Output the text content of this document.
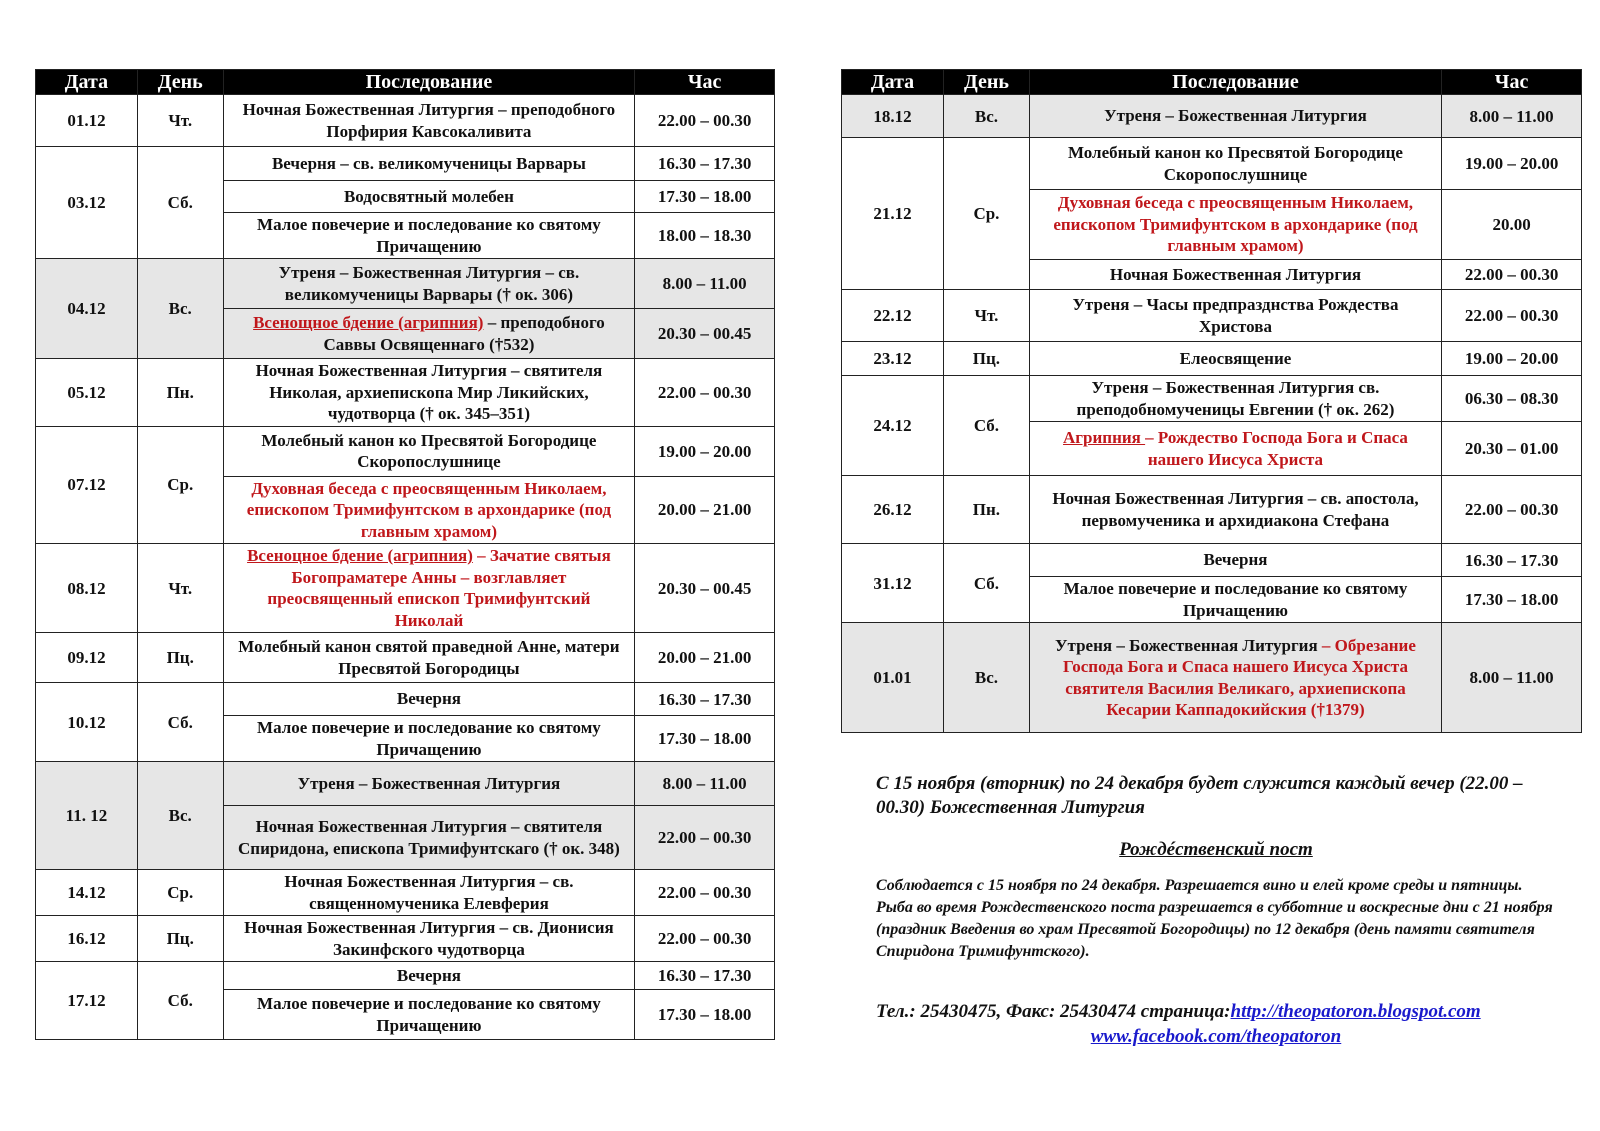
Дата	День	Последование	Час
01.12	Чт.	Ночная Божественная Литургия – преподобного Порфирия Кавсокаливита	22.00 – 00.30
03.12	Сб.	Вечерня – св. великомученицы Варвары	16.30 – 17.30
		Водосвятный молебен	17.30 – 18.00
		Малое повечерие и последование ко святому Причащению	18.00 – 18.30
04.12	Вс.	Утреня – Божественная Литургия – св. великомученицы Варвары († ок. 306)	8.00 – 11.00
		Всенощное бдение (агрипния) – преподобного Саввы Освященнаго (†532)	20.30 – 00.45
05.12	Пн.	Ночная Божественная Литургия – святителя Николая, архиепископа Мир Ликийских, чудотворца († ок. 345–351)	22.00 – 00.30
07.12	Ср.	Молебный канон ко Пресвятой Богородице Скоропослушнице	19.00 – 20.00
		Духовная беседа с преосвященным Николаем, епископом Тримифунтском в архондарике (под главным храмом)	20.00 – 21.00
08.12	Чт.	Всеноцное бдение (агрипния) – Зачатие святыя Богопраматере Анны – возглавляет преосвященный епископ Тримифунтский Николай	20.30 – 00.45
09.12	Пц.	Молебный канон святой праведной Анне, матери Пресвятой Богородицы	20.00 – 21.00
10.12	Сб.	Вечерня	16.30 – 17.30
		Малое повечерие и последование ко святому Причащению	17.30 – 18.00
11. 12	Вс.	Утреня – Божественная Литургия	8.00 – 11.00
		Ночная Божественная Литургия – святителя Спиридона, епископа Тримифунтскаго († ок. 348)	22.00 – 00.30
14.12	Ср.	Ночная Божественная Литургия – св. священномученика Елевферия	22.00 – 00.30
16.12	Пц.	Ночная Божественная Литургия – св. Дионисия Закинфского чудотворца	22.00 – 00.30
17.12	Сб.	Вечерня	16.30 – 17.30
		Малое повечерие и последование ко святому Причащению	17.30 – 18.00
Дата	День	Последование	Час
18.12	Вс.	Утреня – Божественная Литургия	8.00 – 11.00
21.12	Ср.	Молебный канон ко Пресвятой Богородице Скоропослушнице	19.00 – 20.00
		Духовная беседа с преосвященным Николаем, епископом Тримифунтском в архондарике (под главным храмом)	20.00
		Ночная Божественная Литургия	22.00 – 00.30
22.12	Чт.	Утреня – Часы предпразднства Рождества Христова	22.00 – 00.30
23.12	Пц.	Елеосвящение	19.00 – 20.00
24.12	Сб.	Утреня – Божественная Литургия св. преподобномученицы Евгении († ок. 262)	06.30 – 08.30
		Агрипния – Рождество Господа Бога и Спаса нашего Иисуса Христа	20.30 – 01.00
26.12	Пн.	Ночная Божественная Литургия – св. апостола, первомученика и архидиакона Стефана	22.00 – 00.30
31.12	Сб.	Вечерня	16.30 – 17.30
		Малое повечерие и последование ко святому Причащению	17.30 – 18.00
01.01	Вс.	Утреня – Божественная Литургия – Обрезание Господа Бога и Спаса нашего Иисуса Христа святителя Василия Великаго, архиепископа Кесарии Каппадокийския (†1379)	8.00 – 11.00
С 15 ноября (вторник) по 24 декабря будет служится каждый вечер (22.00 – 00.30) Божественная Литургия
Рождéственский пост
Соблюдается с 15 ноября по 24 декабря. Разрешается вино и елей кроме среды и пятницы. Рыба во время Рождественского поста разрешается в субботние и воскресные дни с 21 ноября (праздник Введения во храм Пресвятой Богородицы) по 12 декабря (день памяти святителя Спиридона Тримифунтского).
Тел.: 25430475, Факс: 25430474 страница:http://theopatoron.blogspot.com

www.facebook.com/theopatoron
